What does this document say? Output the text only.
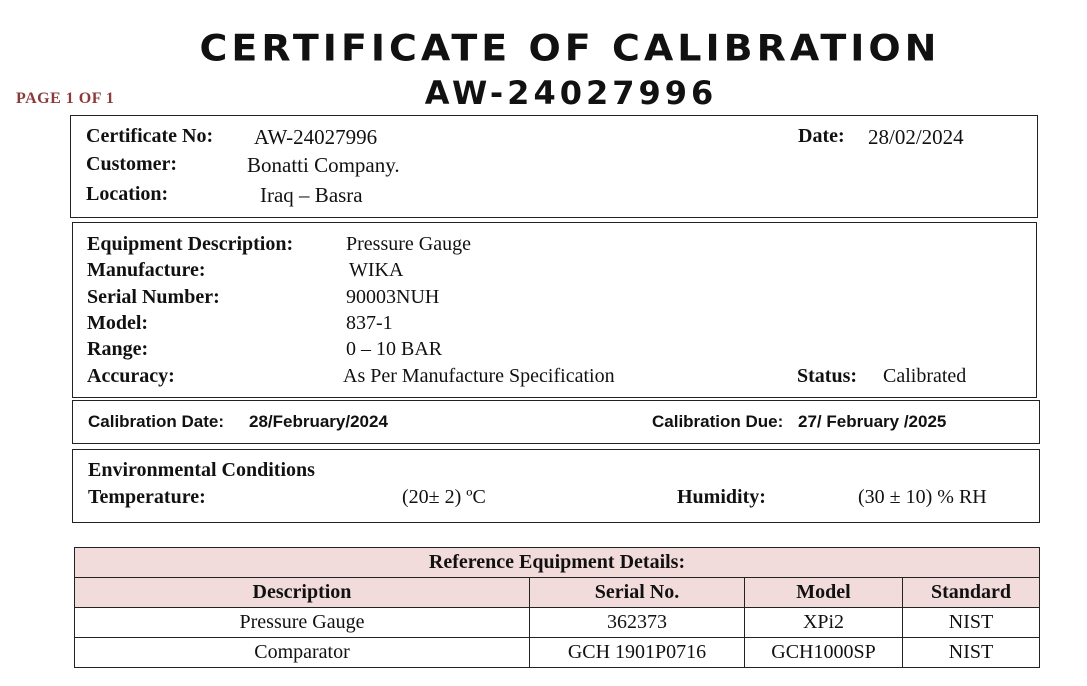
CERTIFICATE OF CALIBRATION
AW-24027996
PAGE 1 OF 1
Certificate No: AW-24027996	Date: 28/02/2024
Customer:	Bonatti Company.
Location:	Iraq – Basra
Equipment Description:	Pressure Gauge
Manufacture:	WIKA
Serial Number:	90003NUH
Model:	837-1
Range:	0 – 10 BAR
Accuracy:	As Per Manufacture Specification	Status: Calibrated
Calibration Date: 28/February/2024	Calibration Due: 27/ February /2025
Environmental Conditions
Temperature:	(20± 2) ºC	Humidity:	(30 ± 10) % RH
Reference Equipment Details:			
Description	Serial No.	Model	Standard
Pressure Gauge	362373	XPi2	NIST
Comparator	GCH 1901P0716	GCH1000SP	NIST
